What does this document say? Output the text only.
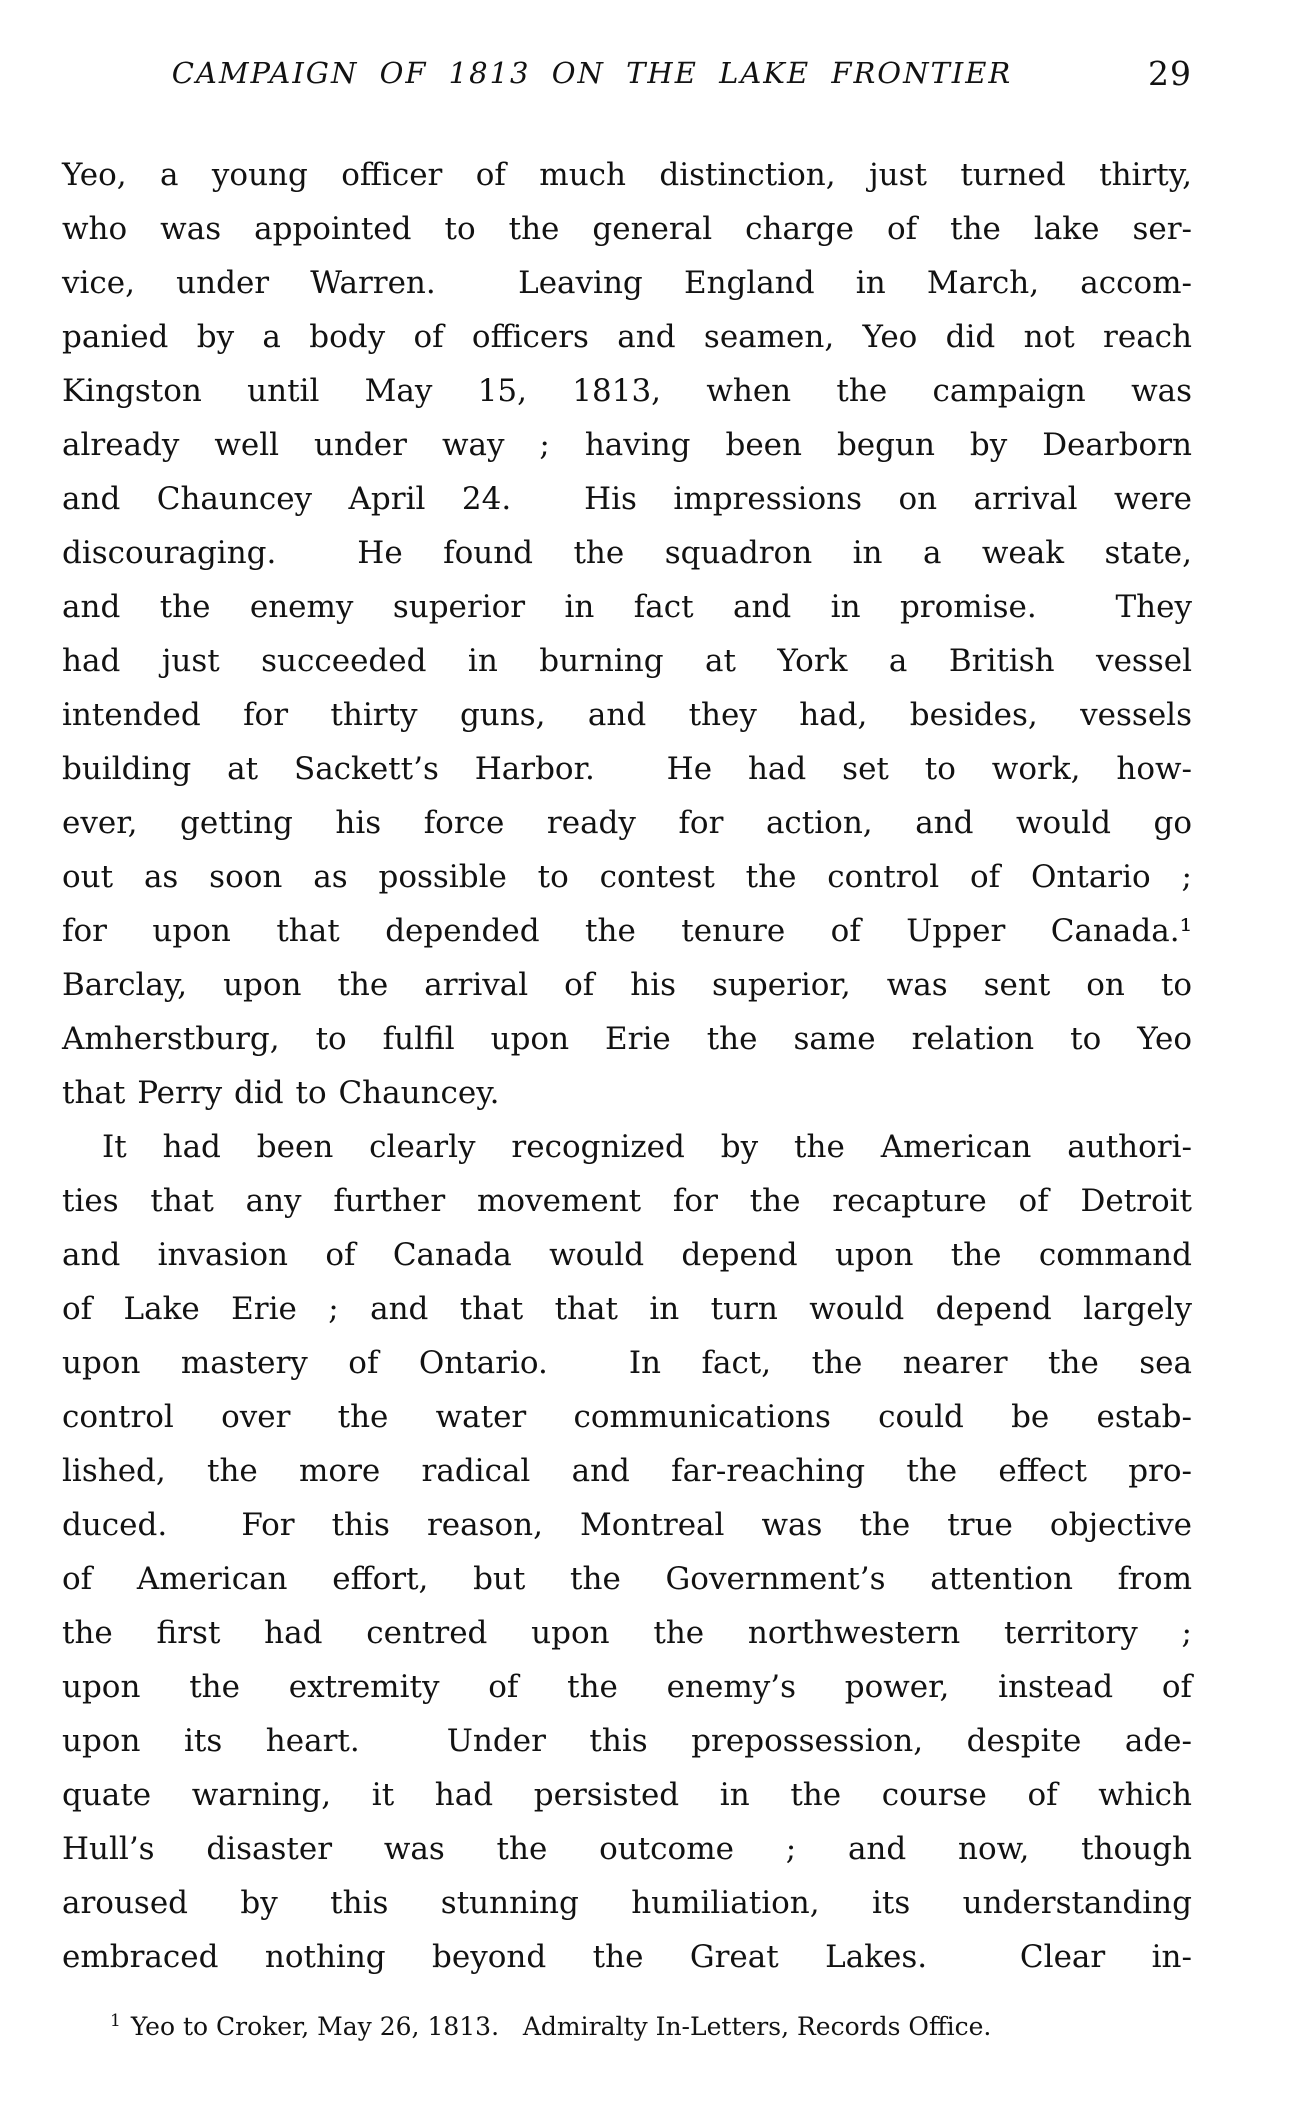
CAMPAIGN OF 1813 ON THE LAKE FRONTIER	29
Yeo, a young officer of much distinction, just turned thirty,
who was appointed to the general charge of the lake ser-
vice, under Warren.  Leaving England in March, accom-
panied by a body of officers and seamen, Yeo did not reach
Kingston until May 15, 1813, when the campaign was
already well under way ; having been begun by Dearborn
and Chauncey April 24.  His impressions on arrival were
discouraging.  He found the squadron in a weak state,
and the enemy superior in fact and in promise.  They
had just succeeded in burning at York a British vessel
intended for thirty guns, and they had, besides, vessels
building at Sackett’s Harbor.  He had set to work, how-
ever, getting his force ready for action, and would go
out as soon as possible to contest the control of Ontario ;
for upon that depended the tenure of Upper Canada.¹
Barclay, upon the arrival of his superior, was sent on to
Amherstburg, to fulfil upon Erie the same relation to Yeo
that Perry did to Chauncey.
It had been clearly recognized by the American authori-
ties that any further movement for the recapture of Detroit
and invasion of Canada would depend upon the command
of Lake Erie ; and that that in turn would depend largely
upon mastery of Ontario.  In fact, the nearer the sea
control over the water communications could be estab-
lished, the more radical and far-reaching the effect pro-
duced.  For this reason, Montreal was the true objective
of American effort, but the Government’s attention from
the first had centred upon the northwestern territory ;
upon the extremity of the enemy’s power, instead of
upon its heart.  Under this prepossession, despite ade-
quate warning, it had persisted in the course of which
Hull’s disaster was the outcome ; and now, though
aroused by this stunning humiliation, its understanding
embraced nothing beyond the Great Lakes.  Clear in-
$^1$ Yeo to Croker, May 26, 1813.   Admiralty In-Letters, Records Office.
